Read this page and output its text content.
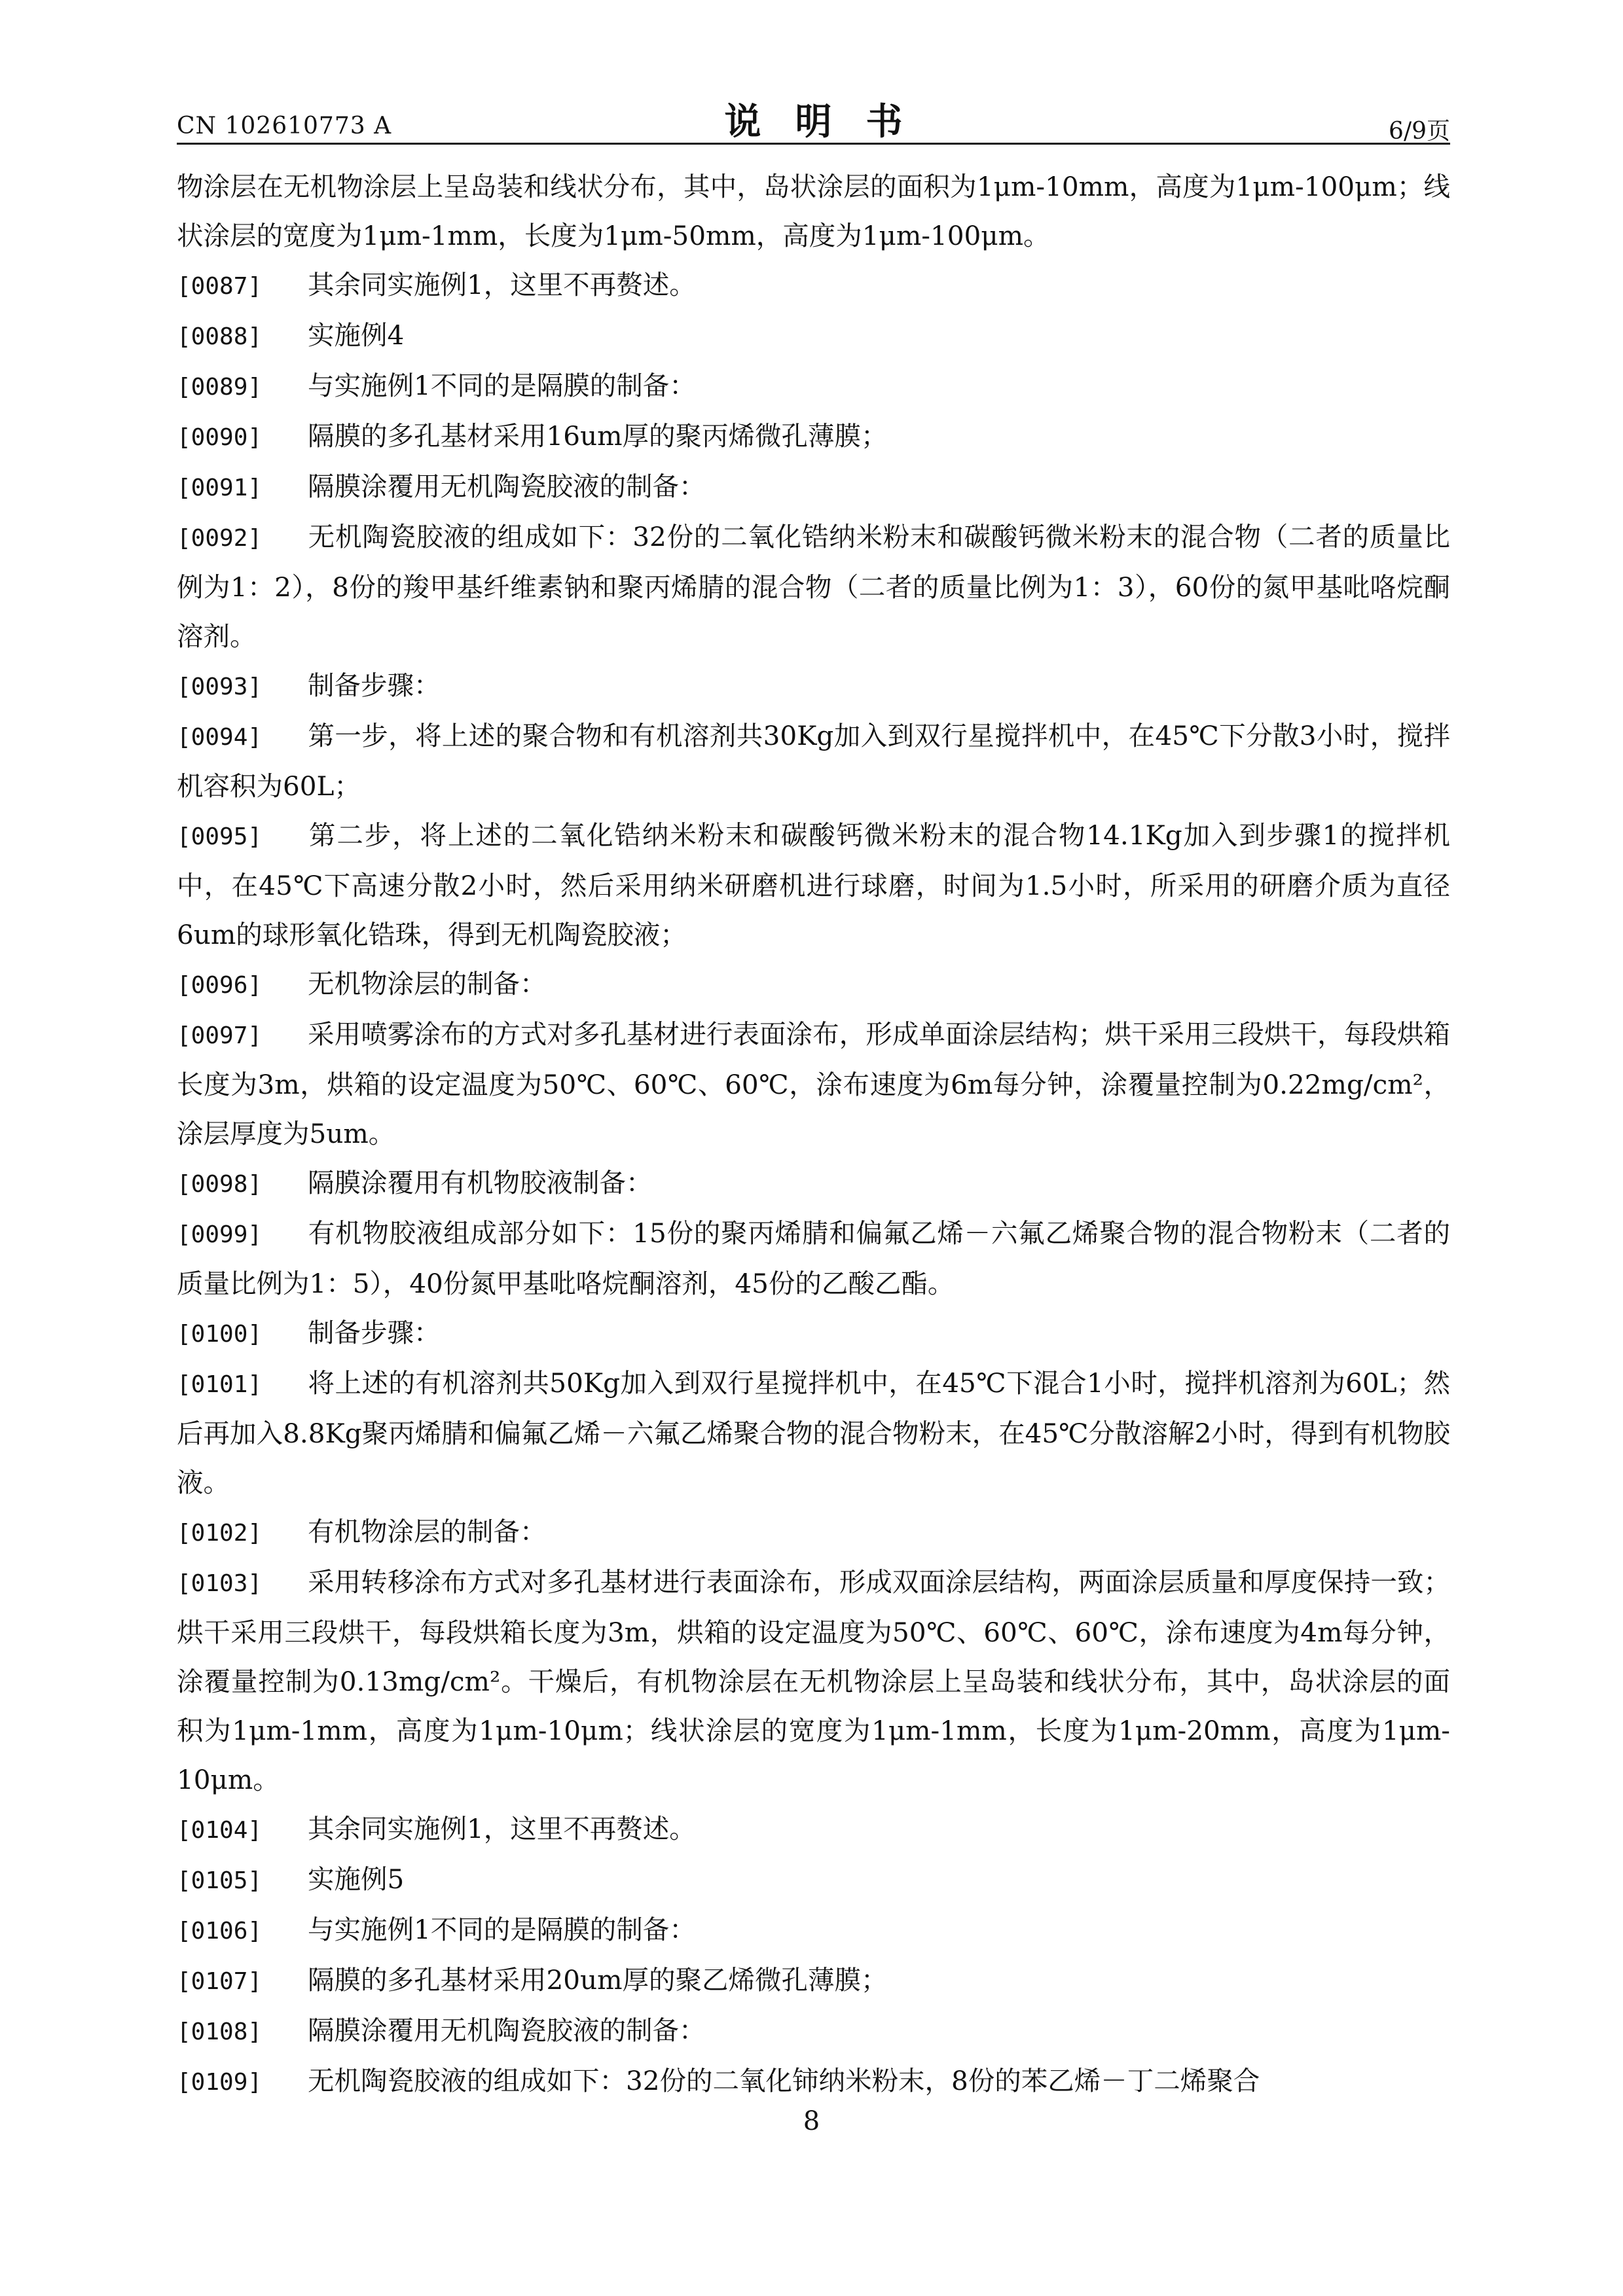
CN 102610773 A	说明书	6/9页

物涂层在无机物涂层上呈岛装和线状分布，其中，岛状涂层的面积为1μm-10mm，高度为1μm-100μm；线状涂层的宽度为1μm-1mm，长度为1μm-50mm，高度为1μm-100μm。

[0087] 其余同实施例1，这里不再赘述。

[0088] 实施例4

[0089] 与实施例1不同的是隔膜的制备：

[0090] 隔膜的多孔基材采用16um厚的聚丙烯微孔薄膜；

[0091] 隔膜涂覆用无机陶瓷胶液的制备：

[0092] 无机陶瓷胶液的组成如下：32份的二氧化锆纳米粉末和碳酸钙微米粉末的混合物（二者的质量比例为1：2），8份的羧甲基纤维素钠和聚丙烯腈的混合物（二者的质量比例为1：3），60份的氮甲基吡咯烷酮溶剂。

[0093] 制备步骤：

[0094] 第一步，将上述的聚合物和有机溶剂共30Kg加入到双行星搅拌机中，在45℃下分散3小时，搅拌机容积为60L；

[0095] 第二步，将上述的二氧化锆纳米粉末和碳酸钙微米粉末的混合物14.1Kg加入到步骤1的搅拌机中，在45℃下高速分散2小时，然后采用纳米研磨机进行球磨，时间为1.5小时，所采用的研磨介质为直径6um的球形氧化锆珠，得到无机陶瓷胶液；

[0096] 无机物涂层的制备：

[0097] 采用喷雾涂布的方式对多孔基材进行表面涂布，形成单面涂层结构；烘干采用三段烘干，每段烘箱长度为3m，烘箱的设定温度为50℃、60℃、60℃，涂布速度为6m每分钟，涂覆量控制为0.22mg/cm²，涂层厚度为5um。

[0098] 隔膜涂覆用有机物胶液制备：

[0099] 有机物胶液组成部分如下：15份的聚丙烯腈和偏氟乙烯－六氟乙烯聚合物的混合物粉末（二者的质量比例为1：5），40份氮甲基吡咯烷酮溶剂，45份的乙酸乙酯。

[0100] 制备步骤：

[0101] 将上述的有机溶剂共50Kg加入到双行星搅拌机中，在45℃下混合1小时，搅拌机溶剂为60L；然后再加入8.8Kg聚丙烯腈和偏氟乙烯－六氟乙烯聚合物的混合物粉末，在45℃分散溶解2小时，得到有机物胶液。

[0102] 有机物涂层的制备：

[0103] 采用转移涂布方式对多孔基材进行表面涂布，形成双面涂层结构，两面涂层质量和厚度保持一致；烘干采用三段烘干，每段烘箱长度为3m，烘箱的设定温度为50℃、60℃、60℃，涂布速度为4m每分钟，涂覆量控制为0.13mg/cm²。干燥后，有机物涂层在无机物涂层上呈岛装和线状分布，其中，岛状涂层的面积为1μm-1mm，高度为1μm-10μm；线状涂层的宽度为1μm-1mm，长度为1μm-20mm，高度为1μm-10μm。

[0104] 其余同实施例1，这里不再赘述。

[0105] 实施例5

[0106] 与实施例1不同的是隔膜的制备：

[0107] 隔膜的多孔基材采用20um厚的聚乙烯微孔薄膜；

[0108] 隔膜涂覆用无机陶瓷胶液的制备：

[0109] 无机陶瓷胶液的组成如下：32份的二氧化铈纳米粉末，8份的苯乙烯－丁二烯聚合

8
